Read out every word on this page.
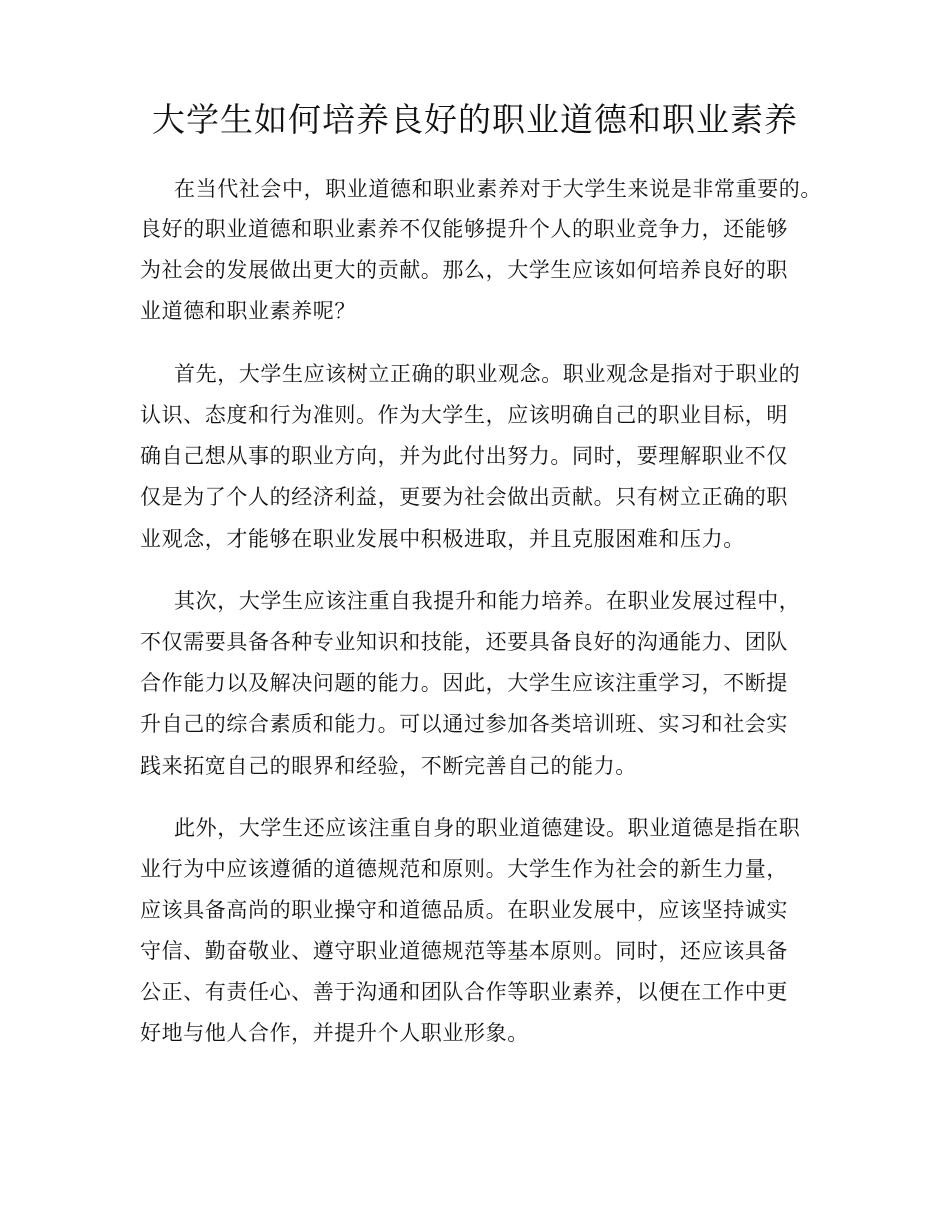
大学生如何培养良好的职业道德和职业素养
在当代社会中，职业道德和职业素养对于大学生来说是非常重要的。
良好的职业道德和职业素养不仅能够提升个人的职业竞争力，还能够
为社会的发展做出更大的贡献。那么，大学生应该如何培养良好的职
业道德和职业素养呢？
首先，大学生应该树立正确的职业观念。职业观念是指对于职业的
认识、态度和行为准则。作为大学生，应该明确自己的职业目标，明
确自己想从事的职业方向，并为此付出努力。同时，要理解职业不仅
仅是为了个人的经济利益，更要为社会做出贡献。只有树立正确的职
业观念，才能够在职业发展中积极进取，并且克服困难和压力。
其次，大学生应该注重自我提升和能力培养。在职业发展过程中，
不仅需要具备各种专业知识和技能，还要具备良好的沟通能力、团队
合作能力以及解决问题的能力。因此，大学生应该注重学习，不断提
升自己的综合素质和能力。可以通过参加各类培训班、实习和社会实
践来拓宽自己的眼界和经验，不断完善自己的能力。
此外，大学生还应该注重自身的职业道德建设。职业道德是指在职
业行为中应该遵循的道德规范和原则。大学生作为社会的新生力量，
应该具备高尚的职业操守和道德品质。在职业发展中，应该坚持诚实
守信、勤奋敬业、遵守职业道德规范等基本原则。同时，还应该具备
公正、有责任心、善于沟通和团队合作等职业素养，以便在工作中更
好地与他人合作，并提升个人职业形象。
